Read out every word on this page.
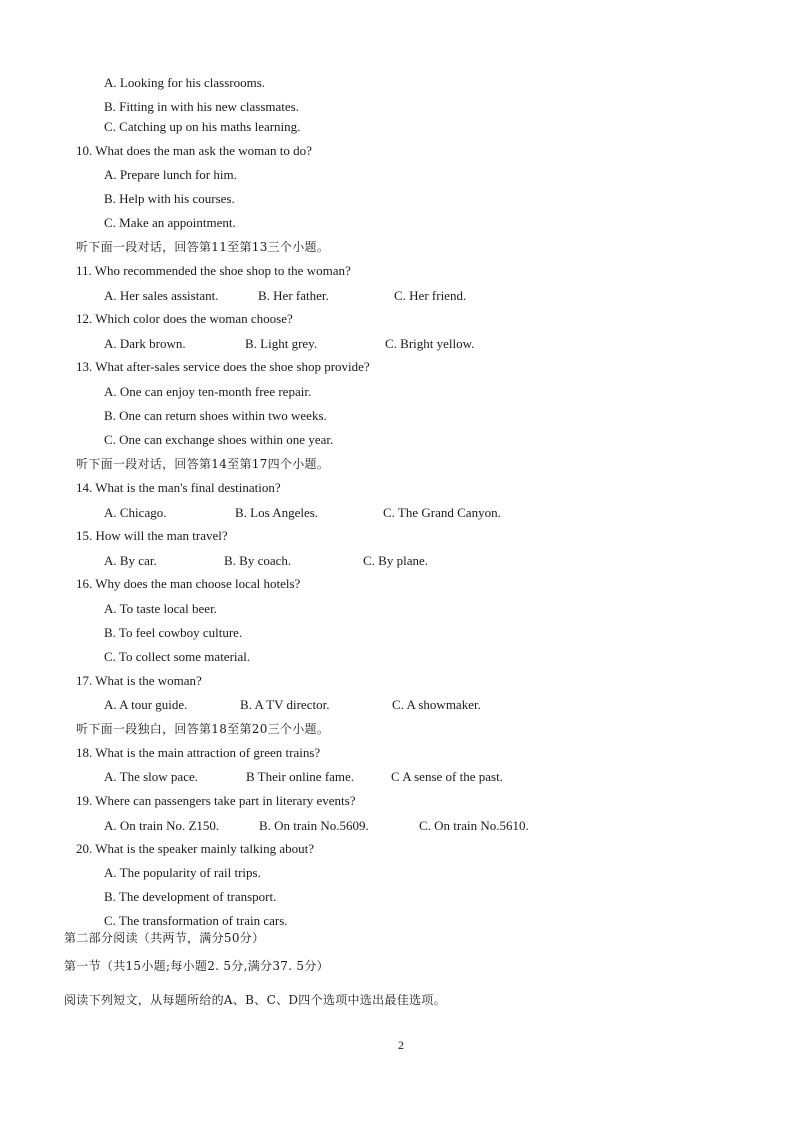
A. Looking for his classrooms.
B. Fitting in with his new classmates.
C. Catching up on his maths learning.
10. What does the man ask the woman to do?
A. Prepare lunch for him.
B. Help with his courses.
C. Make an appointment.
听下面一段对话，回答第11至第13三个小题。
11. Who recommended the shoe shop to the woman?
A. Her sales assistant.	B. Her father.	C. Her friend.
12. Which color does the woman choose?
A. Dark brown.	B. Light grey.	C. Bright yellow.
13. What after-sales service does the shoe shop provide?
A. One can enjoy ten-month free repair.
B. One can return shoes within two weeks.
C. One can exchange shoes within one year.
听下面一段对话，回答第14至第17四个小题。
14. What is the man's final destination?
A. Chicago.	B. Los Angeles.	C. The Grand Canyon.
15. How will the man travel?
A. By car.	B. By coach.	C. By plane.
16. Why does the man choose local hotels?
A. To taste local beer.
B. To feel cowboy culture.
C. To collect some material.
17. What is the woman?
A. A tour guide.	B. A TV director.	C. A showmaker.
听下面一段独白，回答第18至第20三个小题。
18. What is the main attraction of green trains?
A. The slow pace.	B Their online fame.	C A sense of the past.
19. Where can passengers take part in literary events?
A. On train No. Z150.	B. On train No.5609.	C. On train No.5610.
20. What is the speaker mainly talking about?
A. The popularity of rail trips.
B. The development of transport.
C. The transformation of train cars.
第二部分阅读（共两节，满分50分）
第一节（共15小题;每小题2. 5分,满分37. 5分）
阅读下列短文，从每题所给的A、B、C、D四个选项中选出最佳选项。
2
